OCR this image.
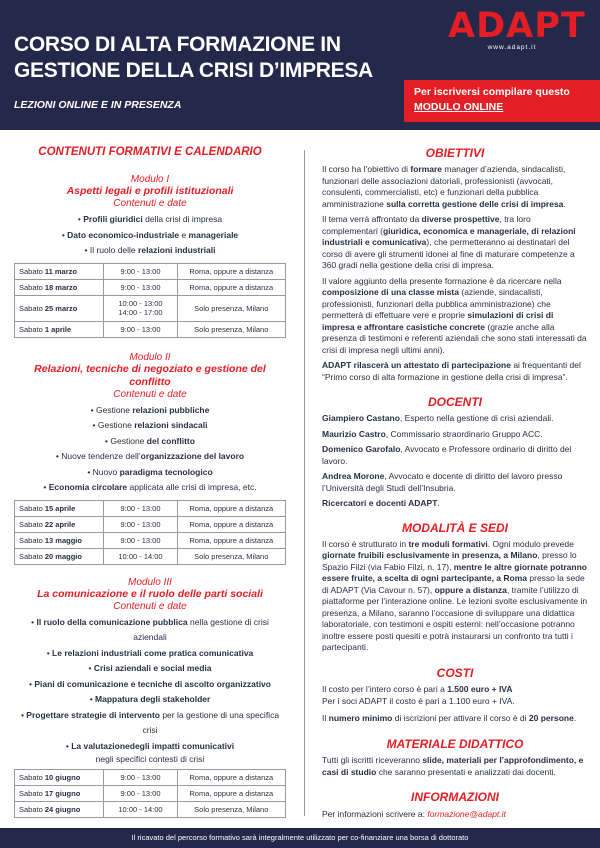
CORSO DI ALTA FORMAZIONE IN
GESTIONE DELLA CRISI D’IMPRESA
LEZIONI ONLINE E IN PRESENZA
ADAPT
www.adapt.it
Per iscriversi compilare questo
MODULO ONLINE
CONTENUTI FORMATIVI E CALENDARIO
Modulo I
Aspetti legali e profili istituzionali
Contenuti e date
• Profili giuridici della crisi di impresa
• Dato economico-industriale e manageriale
• Il ruolo delle relazioni industriali
Sabato 11 marzo	9:00 - 13:00	Roma, oppure a distanza
Sabato 18 marzo	9:00 - 13:00	Roma, oppure a distanza
Sabato 25 marzo	10:00 - 13:00
14:00 - 17:00	Solo presenza, Milano
Sabato 1 aprile	9:00 - 13:00	Solo presenza, Milano
Modulo II
Relazioni, tecniche di negoziato e gestione del conflitto
Contenuti e date
• Gestione relazioni pubbliche
• Gestione relazioni sindacali
• Gestione del conflitto
• Nuove tendenze dell’organizzazione del lavoro
• Nuovo paradigma tecnologico
• Economia circolare applicata alle crisi di impresa, etc.
Sabato 15 aprile	9:00 - 13:00	Roma, oppure a distanza
Sabato 22 aprile	9:00 - 13:00	Roma, oppure a distanza
Sabato 13 maggio	9:00 - 13:00	Roma, oppure a distanza
Sabato 20 maggio	10:00 - 14:00	Solo presenza, Milano
Modulo III
La comunicazione e il ruolo delle parti sociali
Contenuti e date
• Il ruolo della comunicazione pubblica nella gestione di crisi aziendali
• Le relazioni industriali come pratica comunicativa
• Crisi aziendali e social media
• Piani di comunicazione e tecniche di ascolto organizzativo
• Mappatura degli stakeholder
• Progettare strategie di intervento per la gestione di una specifica crisi
• La valutazionedegli impatti comunicativi
negli specifici contesti di crisi
Sabato 10 giugno	9:00 - 13:00	Roma, oppure a distanza
Sabato 17 giugno	9:00 - 13:00	Roma, oppure a distanza
Sabato 24 giugno	10:00 - 14:00	Solo presenza, Milano
OBIETTIVI

Il corso ha l’obiettivo di formare manager d’azienda, sindacalisti, funzionari delle associazioni datoriali, professionisti (avvocati, consulenti, commercialisti, etc) e funzionari della pubblica amministrazione sulla corretta gestione delle crisi di impresa.

Il tema verrà affrontato da diverse prospettive, tra loro complementari (giuridica, economica e manageriale, di relazioni industriali e comunicativa), che permetteranno ai destinatari del corso di avere gli strumenti idonei al fine di maturare competenze a 360 gradi nella gestione della crisi di impresa.

Il valore aggiunto della presente formazione è da ricercare nella composizione di una classe mista (aziende, sindacalisti, professionisti, funzionari della pubblica amministrazione) che permetterà di effettuare vere e proprie simulazioni di crisi di impresa e affrontare casistiche concrete (grazie anche alla presenza di testimoni e referenti aziendali che sono stati interessati da crisi di impresa negli ultimi anni).

ADAPT rilascerà un attestato di partecipazione ai frequentanti del “Primo corso di alta formazione in gestione della crisi di impresa”.

DOCENTI

Giampiero Castano, Esperto nella gestione di crisi aziendali.

Maurizio Castro, Commissario straordinario Gruppo ACC.

Domenico Garofalo, Avvocato e Professore ordinario di diritto del lavoro.

Andrea Morone, Avvocato e docente di diritto del lavoro presso l’Università degli Studi dell’Insubria.

Ricercatori e docenti ADAPT.

MODALITÀ E SEDI

Il corso è strutturato in tre moduli formativi. Ogni modulo prevede giornate fruibili esclusivamente in presenza, a Milano, presso lo Spazio Filzi (via Fabio Filzi, n. 17), mentre le altre giornate potranno essere fruite, a scelta di ogni partecipante, a Roma presso la sede di ADAPT (Via Cavour n. 57), oppure a distanza, tramite l’utilizzo di piattaforme per l’interazione online. Le lezioni svolte esclusivamente in presenza, a Milano, saranno l’occasione di sviluppare una didattica laboratoriale, con testimoni e ospiti esterni: nell’occasione potranno inoltre essere posti quesiti e potrà instaurarsi un confronto tra tutti i partecipanti.

COSTI

Il costo per l’intero corso è pari a 1.500 euro + IVA

Per i soci ADAPT il costo è pari a 1.100 euro + IVA.

Il numero minimo di iscrizioni per attivare il corso è di 20 persone.

MATERIALE DIDATTICO

Tutti gli iscritti riceveranno slide, materiali per l’approfondimento, e casi di studio che saranno presentati e analizzati dai docenti.

INFORMAZIONI

Per informazioni scrivere a: formazione@adapt.it

Il ricavato del percorso formativo sarà integralmente utilizzato per co-finanziare una borsa di dottorato
